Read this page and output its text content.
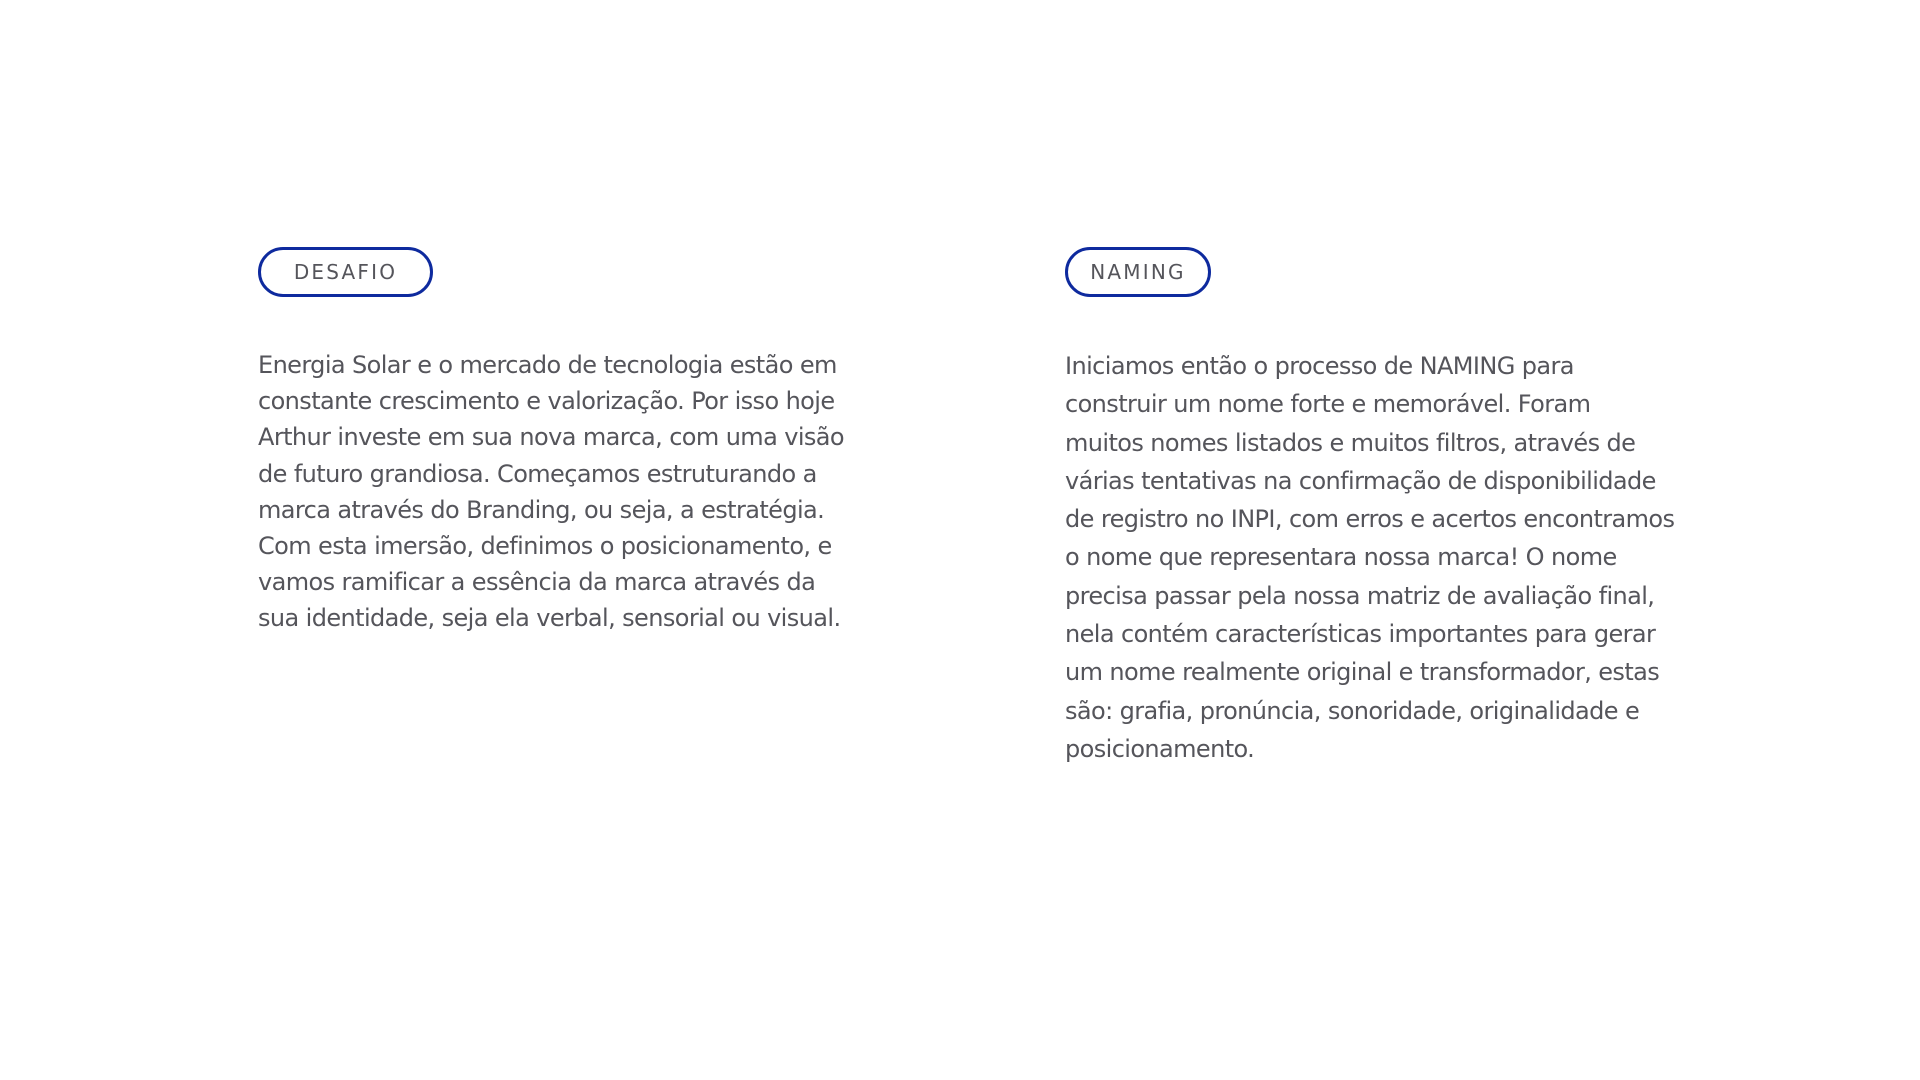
DESAFIO

Energia Solar e o mercado de tecnologia estão em constante crescimento e valorização. Por isso hoje Arthur investe em sua nova marca, com uma visão de futuro grandiosa. Começamos estruturando a marca através do Branding, ou seja, a estratégia. Com esta imersão, definimos o posicionamento, e vamos ramificar a essência da marca através da sua identidade, seja ela verbal, sensorial ou visual.

NAMING

Iniciamos então o processo de NAMING para construir um nome forte e memorável. Foram muitos nomes listados e muitos filtros, através de várias tentativas na confirmação de disponibilidade de registro no INPI, com erros e acertos encontramos o nome que representara nossa marca! O nome precisa passar pela nossa matriz de avaliação final, nela contém características importantes para gerar um nome realmente original e transformador, estas são: grafia, pronúncia, sonoridade, originalidade e posicionamento.
